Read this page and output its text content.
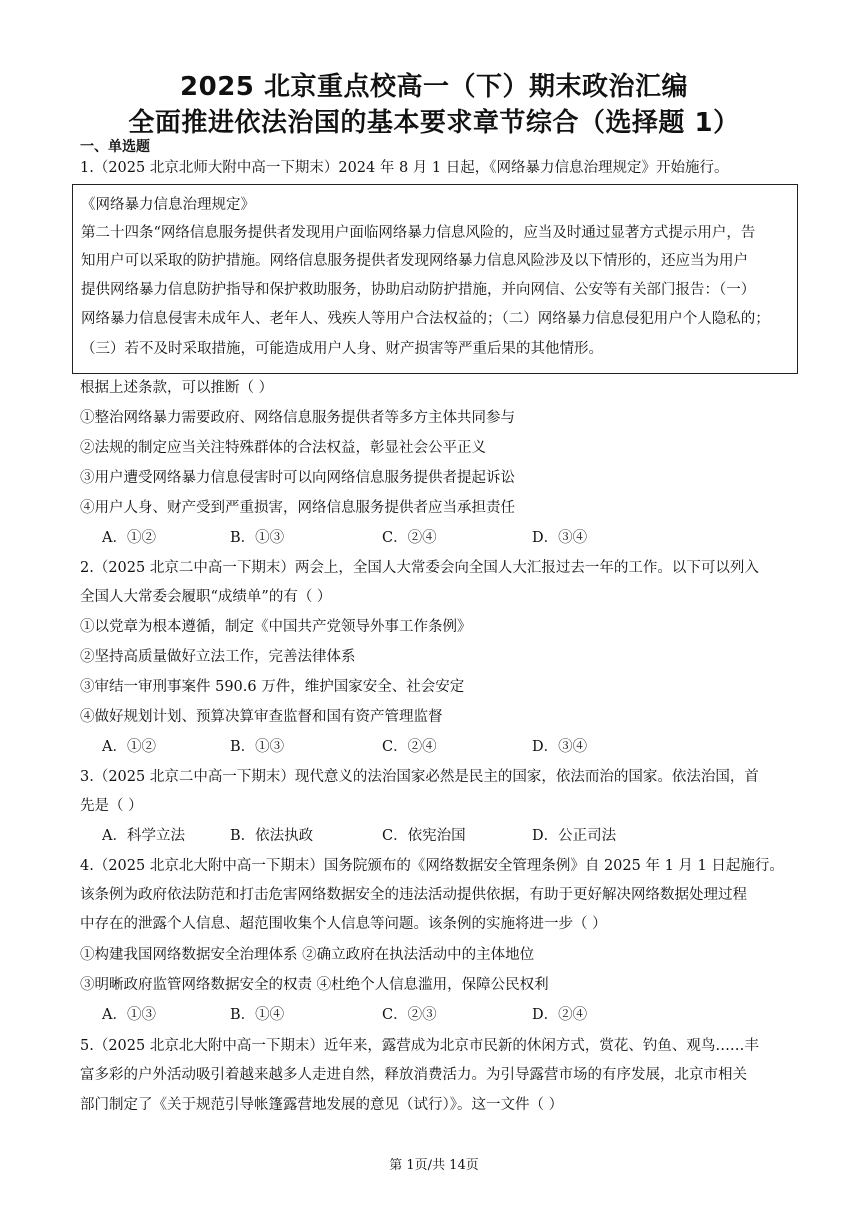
2025 北京重点校高一（下）期末政治汇编
全面推进依法治国的基本要求章节综合（选择题 1）
一、单选题
1.（2025 北京北师大附中高一下期末）2024 年 8 月 1 日起，《网络暴力信息治理规定》开始施行。
《网络暴力信息治理规定》
第二十四条“网络信息服务提供者发现用户面临网络暴力信息风险的，应当及时通过显著方式提示用户，告
知用户可以采取的防护措施。网络信息服务提供者发现网络暴力信息风险涉及以下情形的，还应当为用户
提供网络暴力信息防护指导和保护救助服务，协助启动防护措施，并向网信、公安等有关部门报告：（一）
网络暴力信息侵害未成年人、老年人、残疾人等用户合法权益的；（二）网络暴力信息侵犯用户个人隐私的；
（三）若不及时采取措施，可能造成用户人身、财产损害等严重后果的其他情形。
根据上述条款，可以推断（ ）
①整治网络暴力需要政府、网络信息服务提供者等多方主体共同参与
②法规的制定应当关注特殊群体的合法权益，彰显社会公平正义
③用户遭受网络暴力信息侵害时可以向网络信息服务提供者提起诉讼
④用户人身、财产受到严重损害，网络信息服务提供者应当承担责任
A．①②	B．①③	C．②④	D．③④
2.（2025 北京二中高一下期末）两会上，全国人大常委会向全国人大汇报过去一年的工作。以下可以列入
全国人大常委会履职“成绩单”的有（ ）
①以党章为根本遵循，制定《中国共产党领导外事工作条例》
②坚持高质量做好立法工作，完善法律体系
③审结一审刑事案件 590.6 万件，维护国家安全、社会安定
④做好规划计划、预算决算审查监督和国有资产管理监督
A．①②	B．①③	C．②④	D．③④
3.（2025 北京二中高一下期末）现代意义的法治国家必然是民主的国家，依法而治的国家。依法治国，首
先是（ ）
A．科学立法	B．依法执政	C．依宪治国	D．公正司法
4.（2025 北京北大附中高一下期末）国务院颁布的《网络数据安全管理条例》自 2025 年 1 月 1 日起施行。
该条例为政府依法防范和打击危害网络数据安全的违法活动提供依据，有助于更好解决网络数据处理过程
中存在的泄露个人信息、超范围收集个人信息等问题。该条例的实施将进一步（ ）
①构建我国网络数据安全治理体系 ②确立政府在执法活动中的主体地位
③明晰政府监管网络数据安全的权责 ④杜绝个人信息滥用，保障公民权利
A．①③	B．①④	C．②③	D．②④
5.（2025 北京北大附中高一下期末）近年来，露营成为北京市民新的休闲方式，赏花、钓鱼、观鸟……丰
富多彩的户外活动吸引着越来越多人走进自然，释放消费活力。为引导露营市场的有序发展，北京市相关
部门制定了《关于规范引导帐篷露营地发展的意见（试行）》。这一文件（ ）
第 1页/共 14页
